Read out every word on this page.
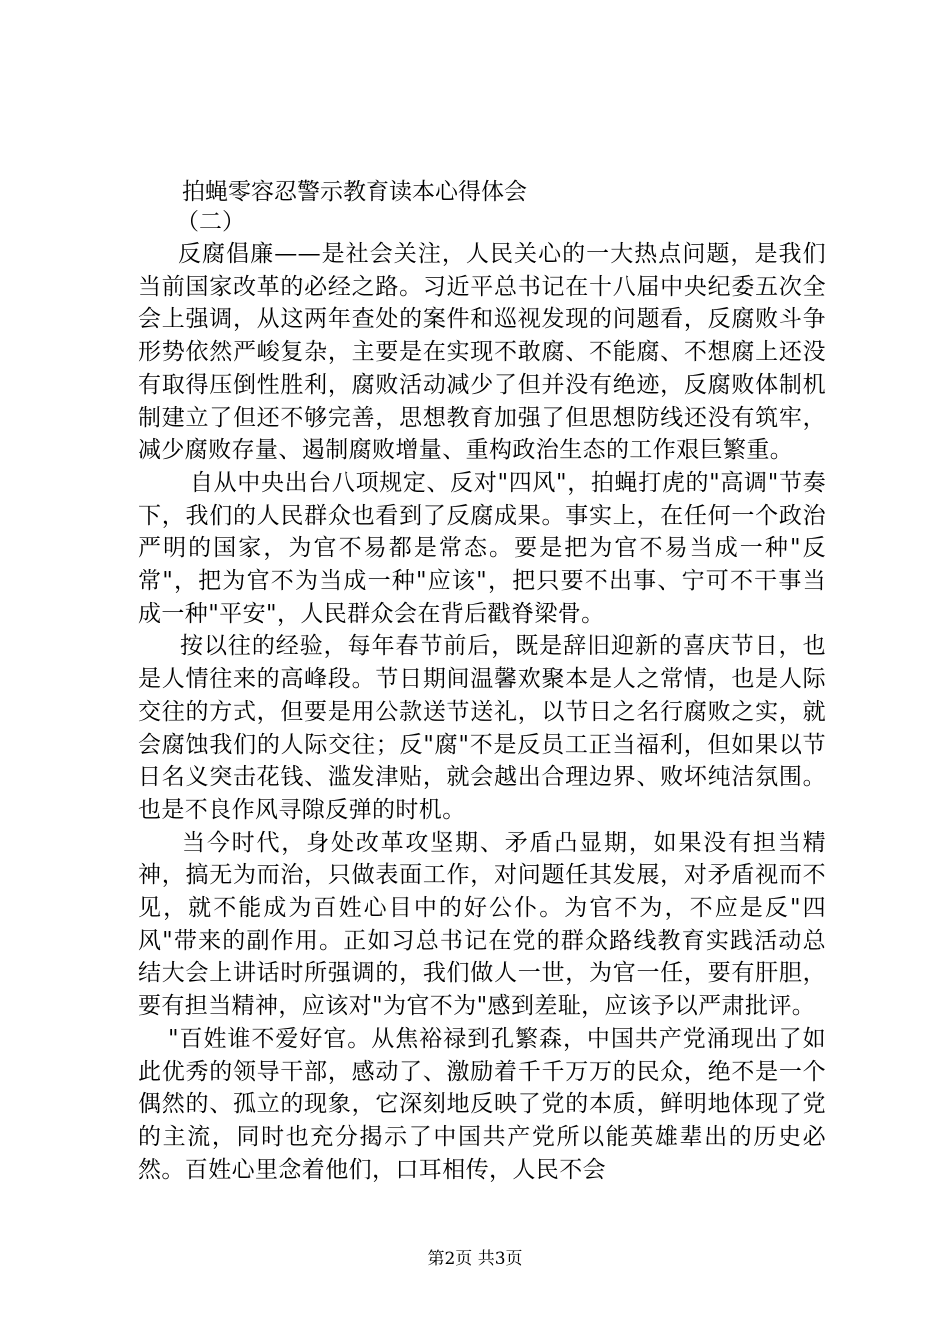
拍蝇零容忍警示教育读本心得体会
（二）

反腐倡廉——是社会关注，人民关心的一大热点问题，是我们当前国家改革的必经之路。习近平总书记在十八届中央纪委五次全会上强调，从这两年查处的案件和巡视发现的问题看，反腐败斗争形势依然严峻复杂，主要是在实现不敢腐、不能腐、不想腐上还没有取得压倒性胜利，腐败活动减少了但并没有绝迹，反腐败体制机制建立了但还不够完善，思想教育加强了但思想防线还没有筑牢，减少腐败存量、遏制腐败增量、重构政治生态的工作艰巨繁重。

自从中央出台八项规定、反对"四风"，拍蝇打虎的"高调"节奏下，我们的人民群众也看到了反腐成果。事实上，在任何一个政治严明的国家，为官不易都是常态。要是把为官不易当成一种"反常"，把为官不为当成一种"应该"，把只要不出事、宁可不干事当成一种"平安"，人民群众会在背后戳脊梁骨。

按以往的经验，每年春节前后，既是辞旧迎新的喜庆节日，也是人情往来的高峰段。节日期间温馨欢聚本是人之常情，也是人际交往的方式，但要是用公款送节送礼，以节日之名行腐败之实，就会腐蚀我们的人际交往；反"腐"不是反员工正当福利，但如果以节日名义突击花钱、滥发津贴，就会越出合理边界、败坏纯洁氛围。也是不良作风寻隙反弹的时机。

当今时代，身处改革攻坚期、矛盾凸显期，如果没有担当精神，搞无为而治，只做表面工作，对问题任其发展，对矛盾视而不见，就不能成为百姓心目中的好公仆。为官不为，不应是反"四风"带来的副作用。正如习总书记在党的群众路线教育实践活动总结大会上讲话时所强调的，我们做人一世，为官一任，要有肝胆，要有担当精神，应该对"为官不为"感到差耻，应该予以严肃批评。

"百姓谁不爱好官。从焦裕禄到孔繁森，中国共产党涌现出了如此优秀的领导干部，感动了、激励着千千万万的民众，绝不是一个偶然的、孤立的现象，它深刻地反映了党的本质，鲜明地体现了党的主流，同时也充分揭示了中国共产党所以能英雄辈出的历史必然。百姓心里念着他们，口耳相传，人民不会

第2页 共3页
